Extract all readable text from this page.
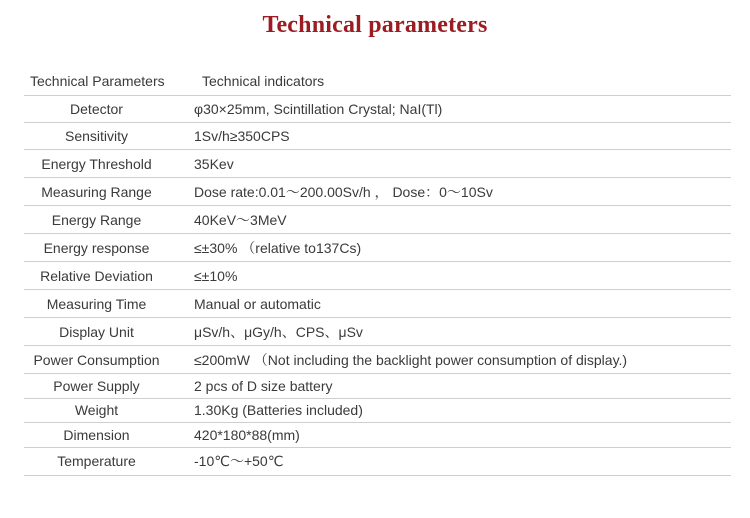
Technical parameters
Technical Parameters	Technical indicators
Detector	φ30×25mm, Scintillation Crystal; NaI(Tl)
Sensitivity	1Sv/h≥350CPS
Energy Threshold	35Kev
Measuring Range	Dose rate:0.01～200.00Sv/h ， Dose：0～10Sv
Energy Range	40KeV～3MeV
Energy response	≤±30% （relative to137Cs)
Relative Deviation	≤±10%
Measuring Time	Manual or automatic
Display Unit	μSv/h、μGy/h、CPS、μSv
Power Consumption	≤200mW （Not including the backlight power consumption of display.)
Power Supply	2 pcs of D size battery
Weight	1.30Kg (Batteries included)
Dimension	420*180*88(mm)
Temperature	-10℃～+50℃
